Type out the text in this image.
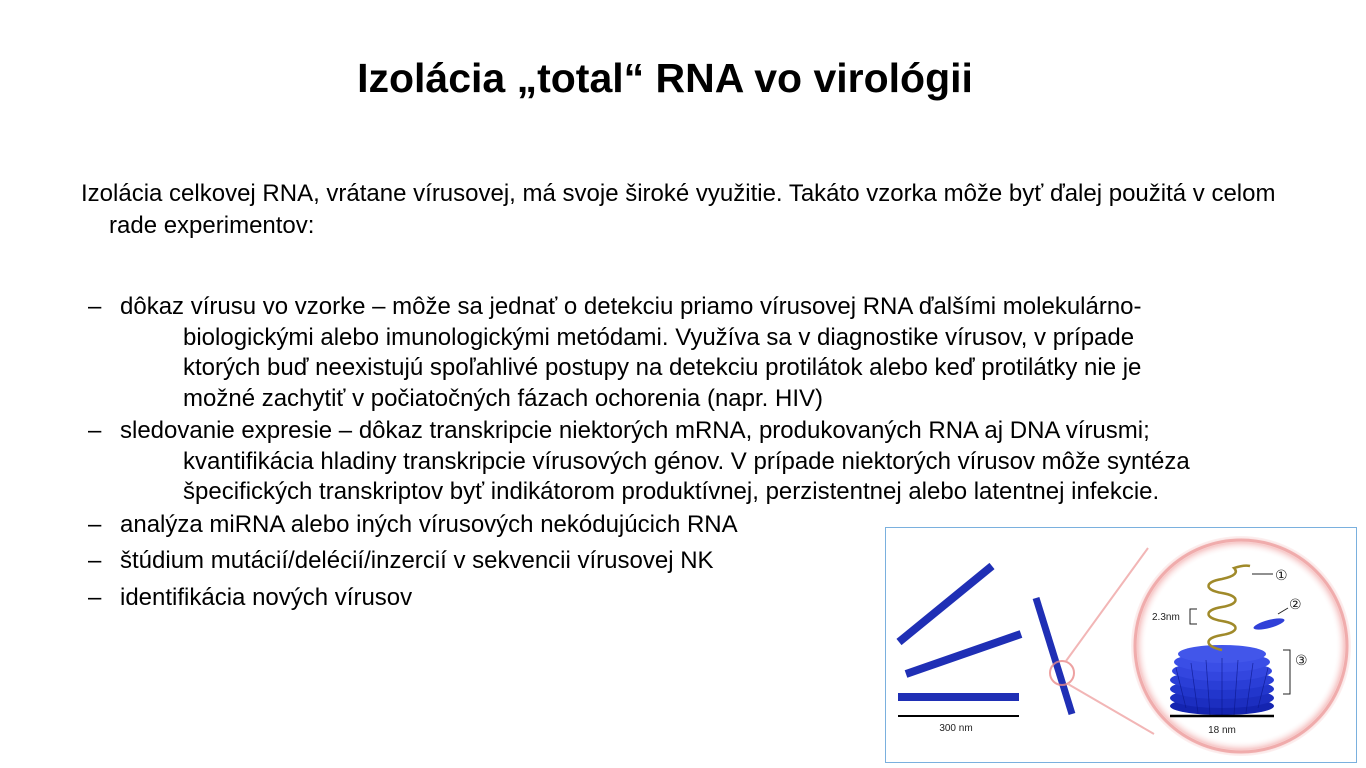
Izolácia „total“ RNA vo virológii

Izolácia celkovej RNA, vrátane vírusovej, má svoje široké využitie. Takáto vzorka môže byť ďalej použitá v celom rade experimentov:

– dôkaz vírusu vo vzorke – môže sa jednať o detekciu priamo vírusovej RNA ďalšími molekulárno-biologickými alebo imunologickými metódami. Využíva sa v diagnostike vírusov, v prípade ktorých buď neexistujú spoľahlivé postupy na detekciu protilátok alebo keď protilátky nie je možné zachytiť v počiatočných fázach ochorenia (napr. HIV)
– sledovanie expresie – dôkaz transkripcie niektorých mRNA, produkovaných RNA aj DNA vírusmi; kvantifikácia hladiny transkripcie vírusových génov. V prípade niektorých vírusov môže syntéza špecifických transkriptov byť indikátorom produktívnej, perzistentnej alebo latentnej infekcie.
– analýza miRNA alebo iných vírusových nekódujúcich RNA
– štúdium mutácií/delécií/inzercií v sekvencii vírusovej NK
– identifikácia nových vírusov
300 nm
2.3nm
①
②
③
18 nm
